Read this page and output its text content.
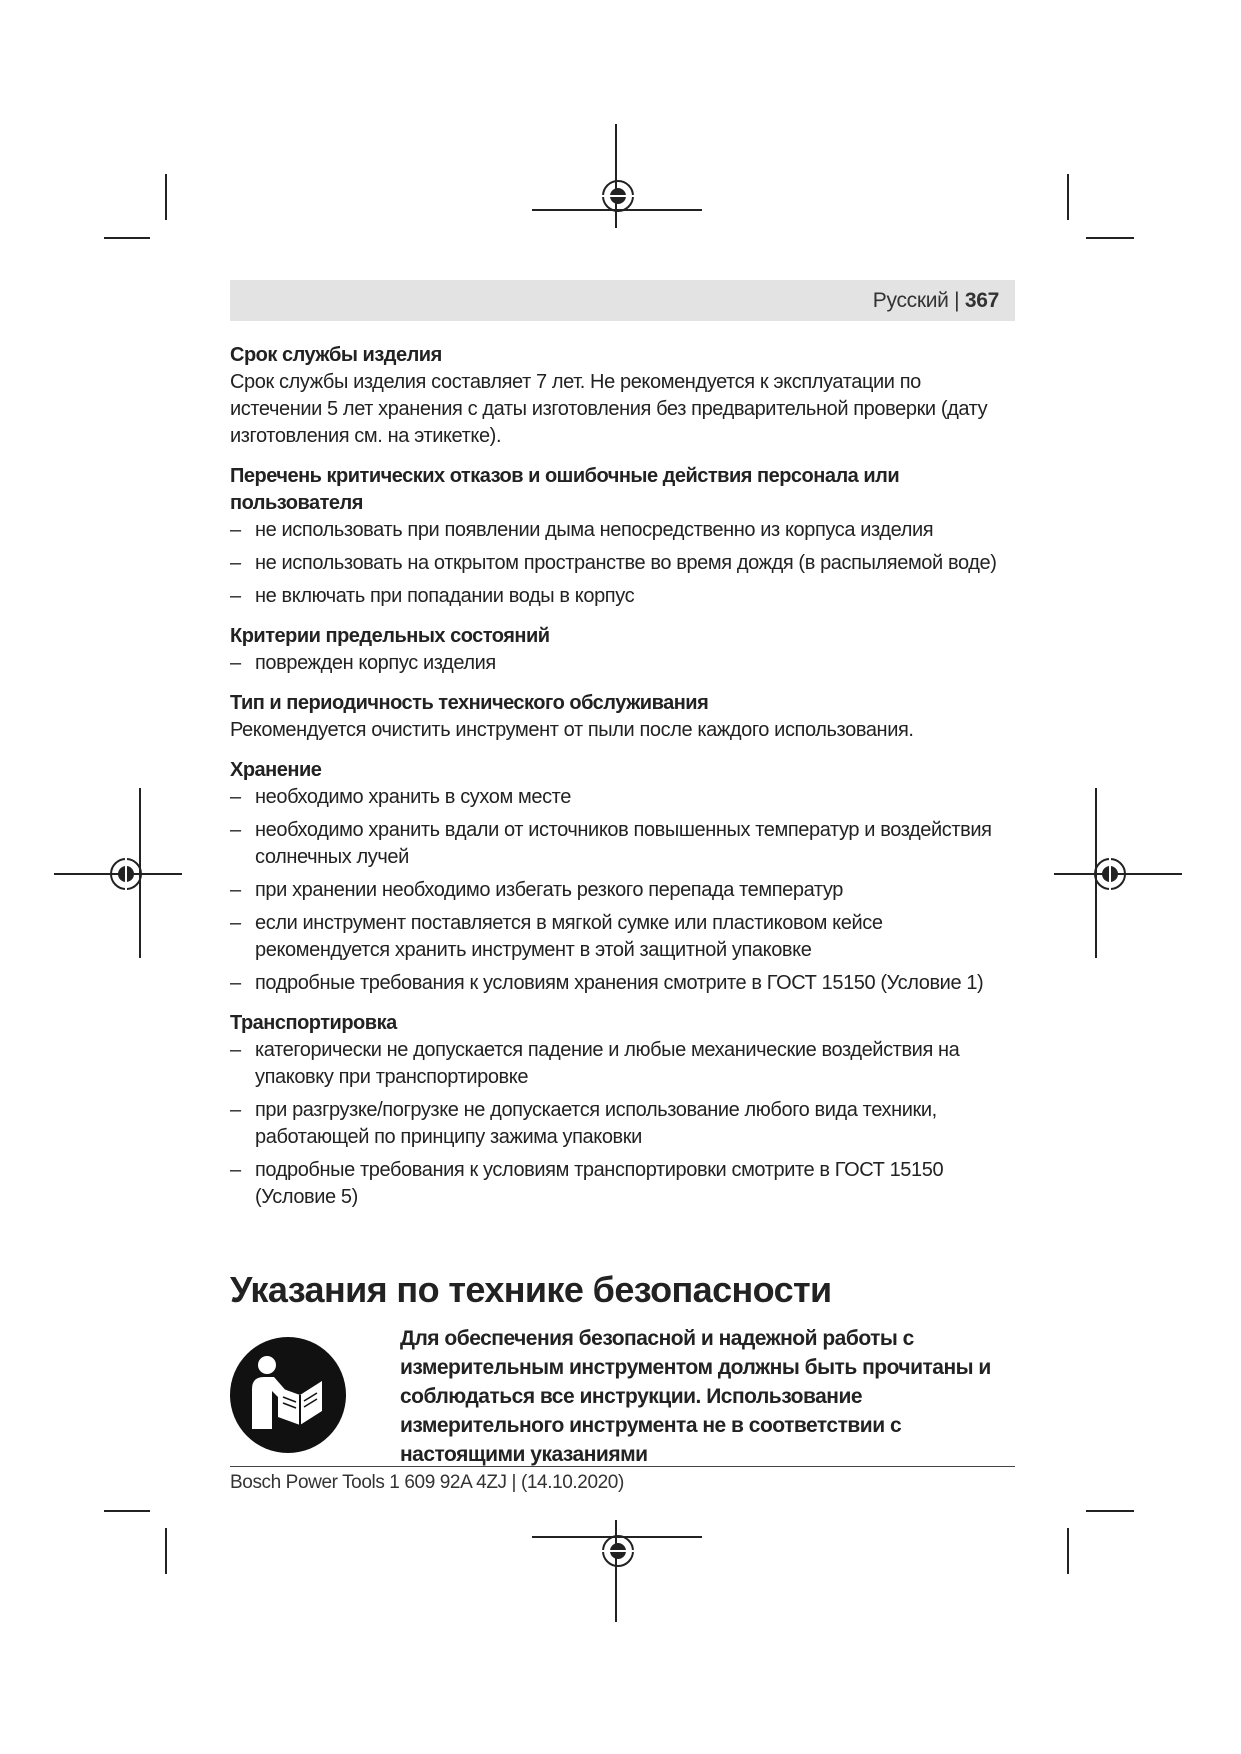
Русский | 367
Срок службы изделия

Срок службы изделия составляет 7 лет. Не рекомендуется к эксплуатации по истечении 5 лет хранения с даты изготовления без предварительной проверки (дату изготовления см. на этикетке).

Перечень критических отказов и ошибочные действия персонала или пользователя
– не использовать при появлении дыма непосредственно из корпуса изделия
– не использовать на открытом пространстве во время дождя (в распыляемой воде)
– не включать при попадании воды в корпус
Критерии предельных состояний
– поврежден корпус изделия
Тип и периодичность технического обслуживания

Рекомендуется очистить инструмент от пыли после каждого использования.

Хранение
– необходимо хранить в сухом месте
– необходимо хранить вдали от источников повышенных температур и воздействия солнечных лучей
– при хранении необходимо избегать резкого перепада температур
– если инструмент поставляется в мягкой сумке или пластиковом кейсе рекомендуется хранить инструмент в этой защитной упаковке
– подробные требования к условиям хранения смотрите в ГОСТ 15150 (Условие 1)
Транспортировка
– категорически не допускается падение и любые механические воздействия на упаковку при транспортировке
– при разгрузке/погрузке не допускается использование любого вида техники, работающей по принципу зажима упаковки
– подробные требования к условиям транспортировки смотрите в ГОСТ 15150 (Условие 5)
Указания по технике безопасности

Для обеспечения безопасной и надежной работы с измерительным инструментом должны быть прочитаны и соблюдаться все инструкции. Использование измерительного инструмента не в соответствии с настоящими указаниями

Bosch Power Tools 1 609 92A 4ZJ | (14.10.2020)
